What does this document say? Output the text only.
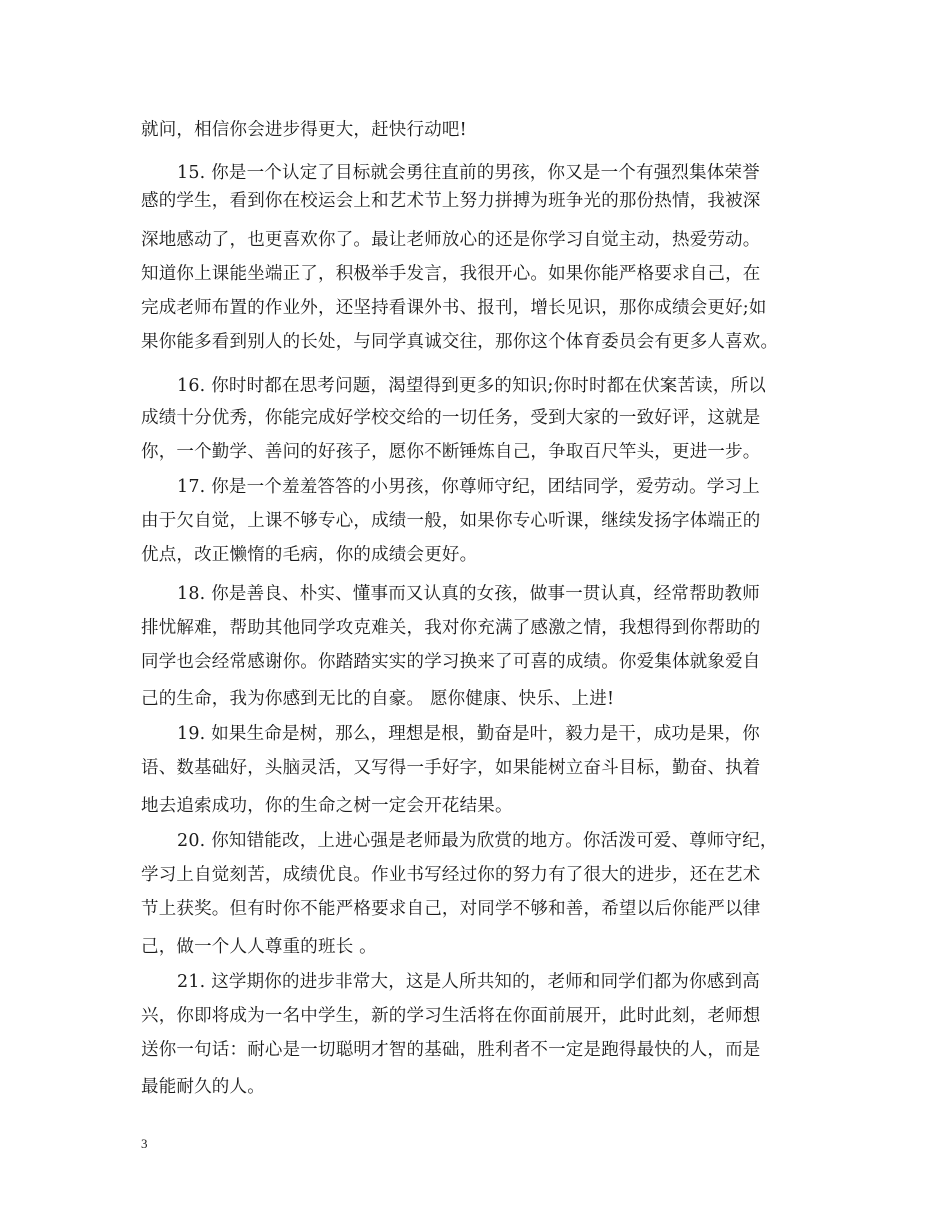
就问，相信你会进步得更大，赶快行动吧!
15. 你是一个认定了目标就会勇往直前的男孩，你又是一个有强烈集体荣誉
感的学生，看到你在校运会上和艺术节上努力拼搏为班争光的那份热情，我被深
深地感动了，也更喜欢你了。最让老师放心的还是你学习自觉主动，热爱劳动。
知道你上课能坐端正了，积极举手发言，我很开心。如果你能严格要求自己，在
完成老师布置的作业外，还坚持看课外书、报刊，增长见识，那你成绩会更好;如
果你能多看到别人的长处，与同学真诚交往，那你这个体育委员会有更多人喜欢。
16. 你时时都在思考问题，渴望得到更多的知识;你时时都在伏案苦读，所以
成绩十分优秀，你能完成好学校交给的一切任务，受到大家的一致好评，这就是
你，一个勤学、善问的好孩子，愿你不断锤炼自己，争取百尺竿头，更进一步。
17. 你是一个羞羞答答的小男孩，你尊师守纪，团结同学，爱劳动。学习上
由于欠自觉，上课不够专心，成绩一般，如果你专心听课，继续发扬字体端正的
优点，改正懒惰的毛病，你的成绩会更好。
18. 你是善良、朴实、懂事而又认真的女孩，做事一贯认真，经常帮助教师
排忧解难，帮助其他同学攻克难关，我对你充满了感激之情，我想得到你帮助的
同学也会经常感谢你。你踏踏实实的学习换来了可喜的成绩。你爱集体就象爱自
己的生命，我为你感到无比的自豪。 愿你健康、快乐、上进!
19. 如果生命是树，那么，理想是根，勤奋是叶，毅力是干，成功是果，你
语、数基础好，头脑灵活，又写得一手好字，如果能树立奋斗目标，勤奋、执着
地去追索成功，你的生命之树一定会开花结果。
20. 你知错能改，上进心强是老师最为欣赏的地方。你活泼可爱、尊师守纪，
学习上自觉刻苦，成绩优良。作业书写经过你的努力有了很大的进步，还在艺术
节上获奖。但有时你不能严格要求自己，对同学不够和善，希望以后你能严以律
己，做一个人人尊重的班长 。
21. 这学期你的进步非常大，这是人所共知的，老师和同学们都为你感到高
兴，你即将成为一名中学生，新的学习生活将在你面前展开，此时此刻，老师想
送你一句话：耐心是一切聪明才智的基础，胜利者不一定是跑得最快的人，而是
最能耐久的人。
3
